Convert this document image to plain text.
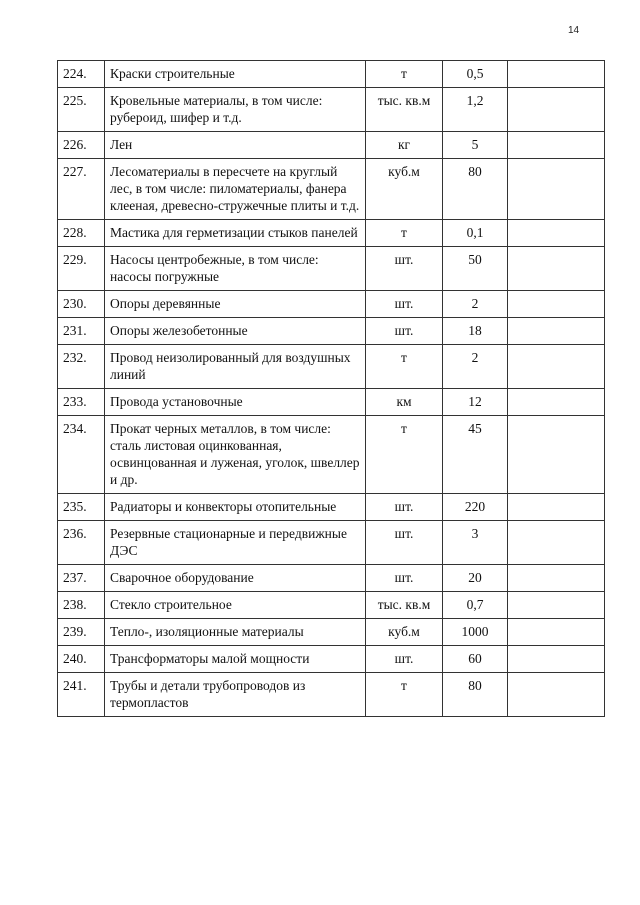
14
224.	Краски строительные	т	0,5	
225.	Кровельные материалы, в том числе: рубероид, шифер и т.д.	тыс. кв.м	1,2	
226.	Лен	кг	5	
227.	Лесоматериалы в пересчете на круглый лес, в том числе: пиломатериалы, фанера клееная, древесно-стружечные плиты и т.д.	куб.м	80	
228.	Мастика для герметизации стыков панелей	т	0,1	
229.	Насосы центробежные, в том числе: насосы погружные	шт.	50	
230.	Опоры деревянные	шт.	2	
231.	Опоры железобетонные	шт.	18	
232.	Провод неизолированный для воздушных линий	т	2	
233.	Провода установочные	км	12	
234.	Прокат черных металлов, в том числе: сталь листовая оцинкованная, освинцованная и луженая, уголок, швеллер и др.	т	45	
235.	Радиаторы и конвекторы отопительные	шт.	220	
236.	Резервные стационарные и передвижные ДЭС	шт.	3	
237.	Сварочное оборудование	шт.	20	
238.	Стекло строительное	тыс. кв.м	0,7	
239.	Тепло-, изоляционные материалы	куб.м	1000	
240.	Трансформаторы малой мощности	шт.	60	
241.	Трубы и детали трубопроводов из термопластов	т	80	
